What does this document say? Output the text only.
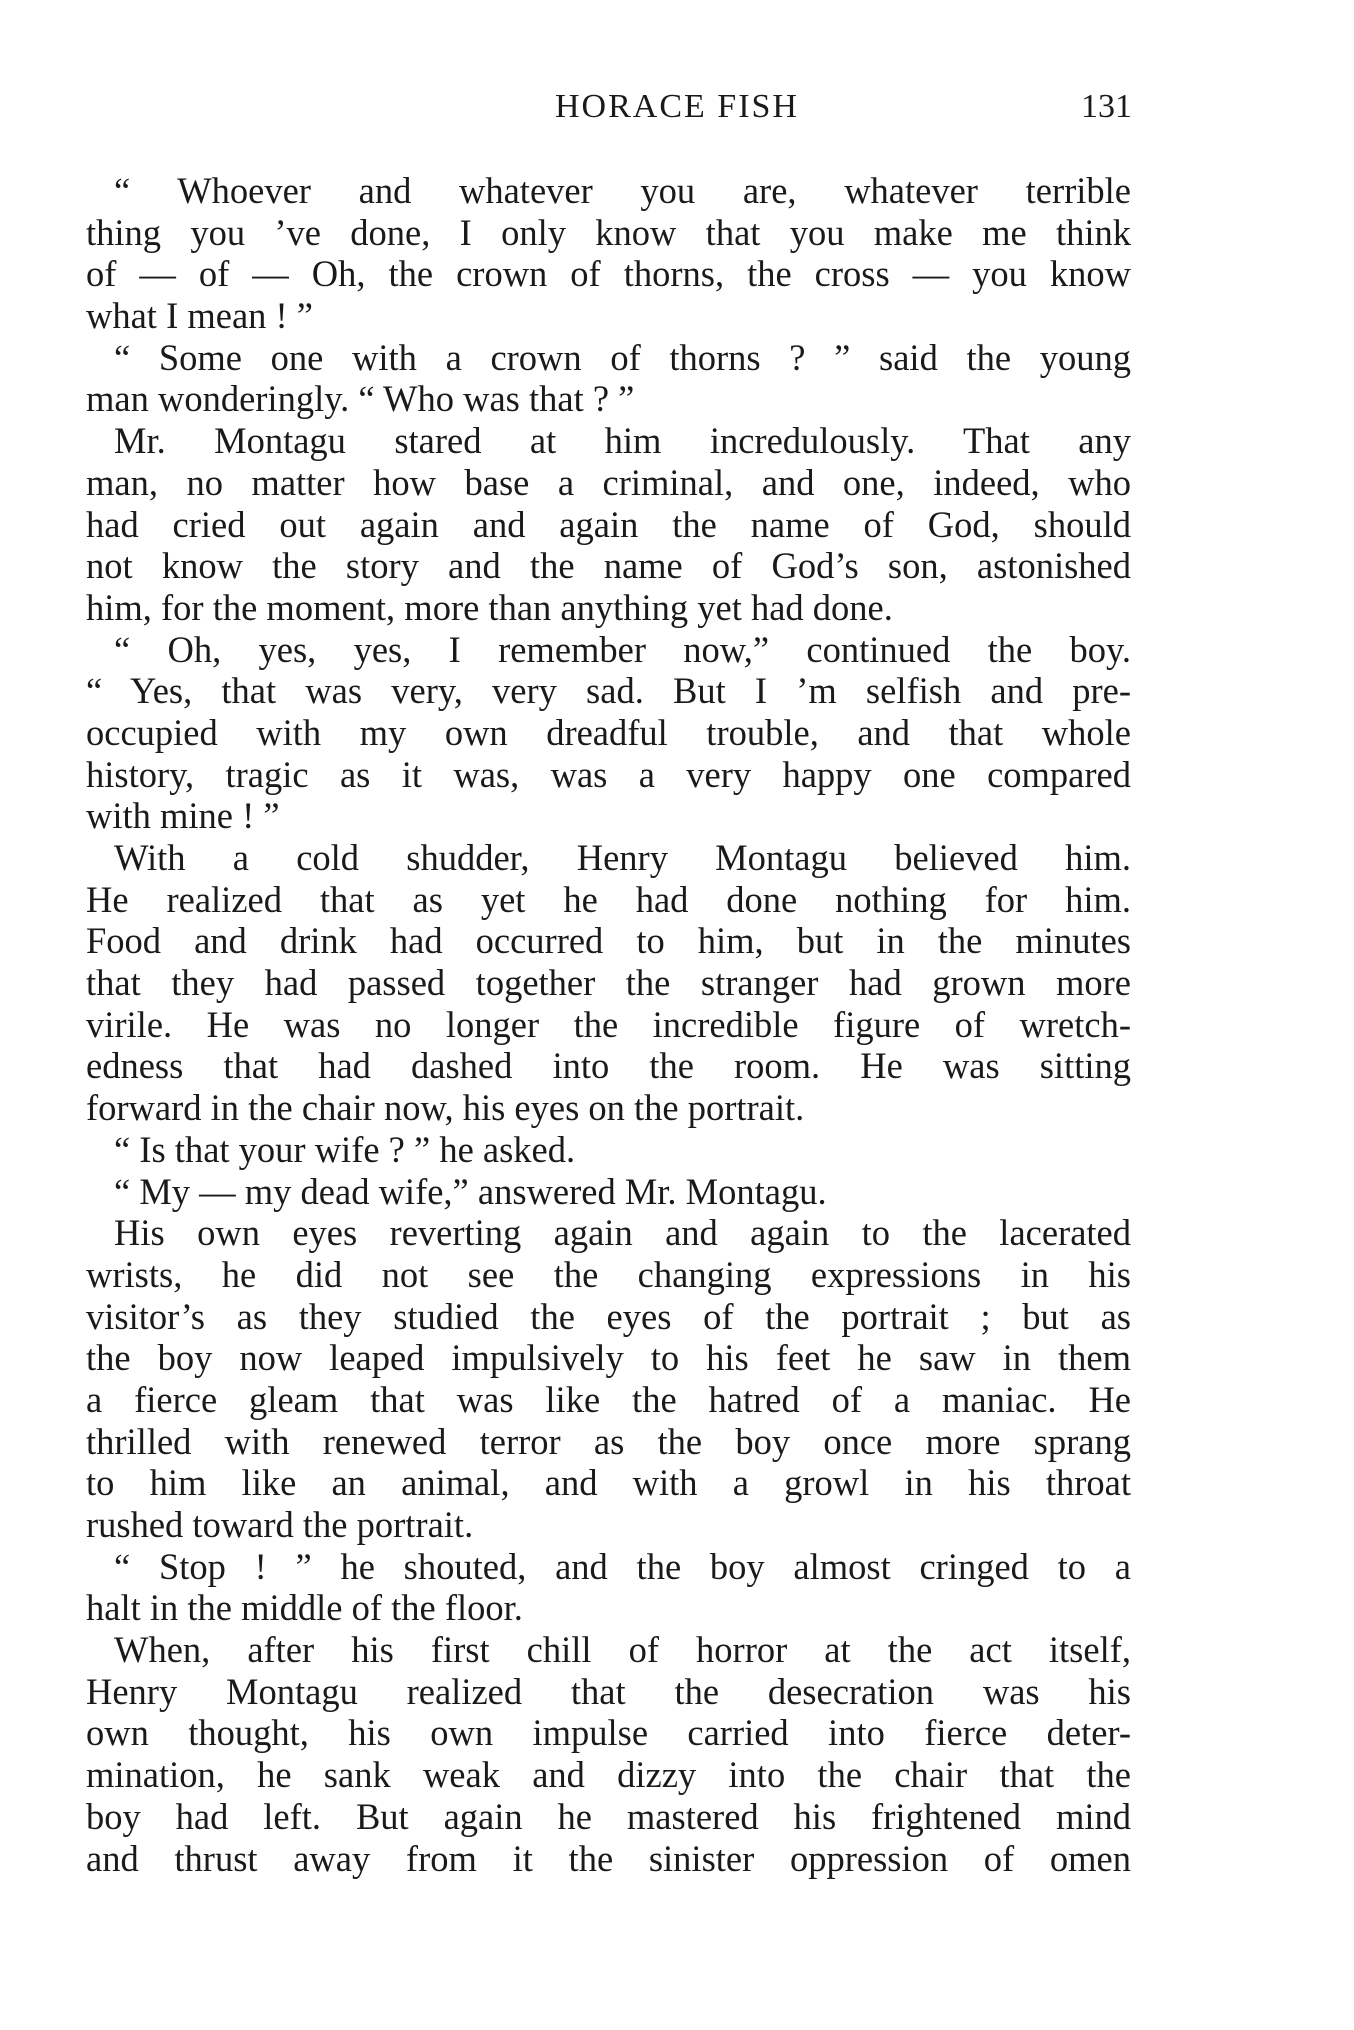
HORACE FISH	131
“ Whoever and whatever you are, whatever terrible
thing you ’ve done, I only know that you make me think
of — of — Oh, the crown of thorns, the cross — you know
what I mean ! ”
“ Some one with a crown of thorns ? ” said the young
man wonderingly. “ Who was that ? ”
Mr. Montagu stared at him incredulously. That any
man, no matter how base a criminal, and one, indeed, who
had cried out again and again the name of God, should
not know the story and the name of God’s son, astonished
him, for the moment, more than anything yet had done.
“ Oh, yes, yes, I remember now,” continued the boy.
“ Yes, that was very, very sad. But I ’m selfish and pre-
occupied with my own dreadful trouble, and that whole
history, tragic as it was, was a very happy one compared
with mine ! ”
With a cold shudder, Henry Montagu believed him.
He realized that as yet he had done nothing for him.
Food and drink had occurred to him, but in the minutes
that they had passed together the stranger had grown more
virile. He was no longer the incredible figure of wretch-
edness that had dashed into the room. He was sitting
forward in the chair now, his eyes on the portrait.
“ Is that your wife ? ” he asked.
“ My — my dead wife,” answered Mr. Montagu.
His own eyes reverting again and again to the lacerated
wrists, he did not see the changing expressions in his
visitor’s as they studied the eyes of the portrait ; but as
the boy now leaped impulsively to his feet he saw in them
a fierce gleam that was like the hatred of a maniac. He
thrilled with renewed terror as the boy once more sprang
to him like an animal, and with a growl in his throat
rushed toward the portrait.
“ Stop ! ” he shouted, and the boy almost cringed to a
halt in the middle of the floor.
When, after his first chill of horror at the act itself,
Henry Montagu realized that the desecration was his
own thought, his own impulse carried into fierce deter-
mination, he sank weak and dizzy into the chair that the
boy had left. But again he mastered his frightened mind
and thrust away from it the sinister oppression of omen
